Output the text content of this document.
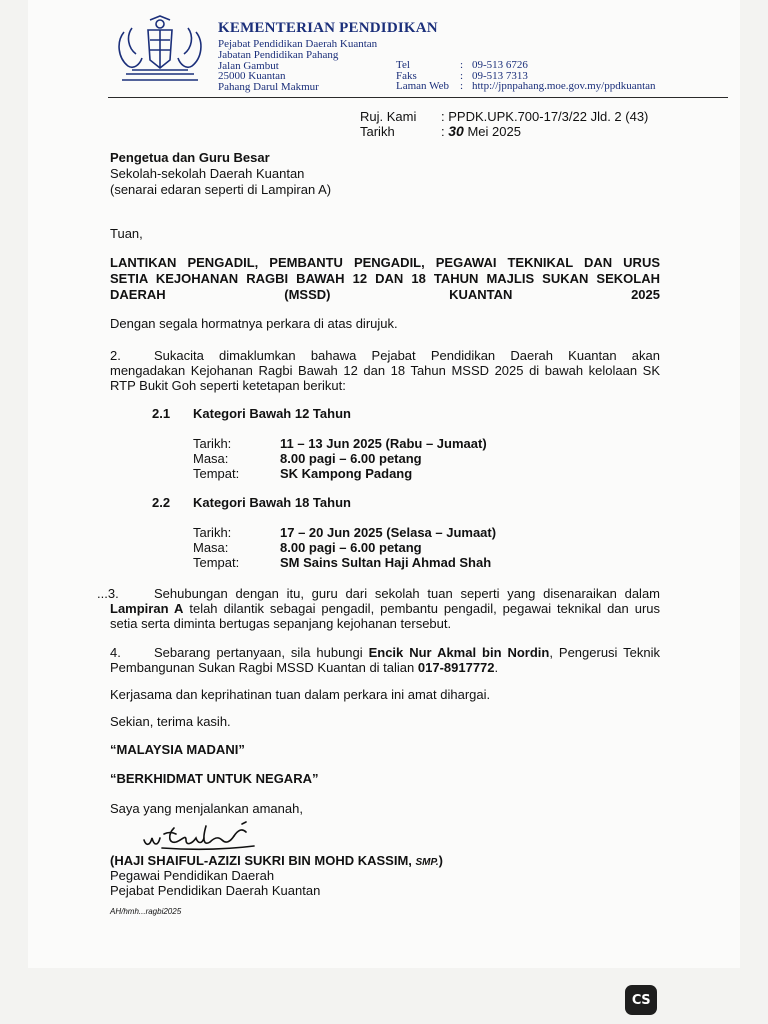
KEMENTERIAN PENDIDIKAN
Pejabat Pendidikan Daerah Kuantan
Jabatan Pendidikan Pahang
Jalan Gambut
25000 Kuantan
Pahang Darul Makmur
Tel	: 09-513 6726
Faks	: 09-513 7313
Laman Web : http://jpnpahang.moe.gov.my/ppdkuantan
Ruj. Kami : PPDK.UPK.700-17/3/22 Jld. 2 (43)
Tarikh	: 30 Mei 2025
Pengetua dan Guru Besar
Sekolah-sekolah Daerah Kuantan
(senarai edaran seperti di Lampiran A)
Tuan,
LANTIKAN PENGADIL, PEMBANTU PENGADIL, PEGAWAI TEKNIKAL DAN URUS
SETIA KEJOHANAN RAGBI BAWAH 12 DAN 18 TAHUN MAJLIS SUKAN SEKOLAH
DAERAH (MSSD) KUANTAN 2025
Dengan segala hormatnya perkara di atas dirujuk.
2.	Sukacita dimaklumkan bahawa Pejabat Pendidikan Daerah Kuantan akan
mengadakan Kejohanan Ragbi Bawah 12 dan 18 Tahun MSSD 2025 di bawah kelolaan SK
RTP Bukit Goh seperti ketetapan berikut:
2.1 Kategori Bawah 12 Tahun
Tarikh:	11 – 13 Jun 2025 (Rabu – Jumaat)
Masa:	8.00 pagi – 6.00 petang
Tempat:	SK Kampong Padang
2.2 Kategori Bawah 18 Tahun
Tarikh:	17 – 20 Jun 2025 (Selasa – Jumaat)
Masa:	8.00 pagi – 6.00 petang
Tempat:	SM Sains Sultan Haji Ahmad Shah
...3.	Sehubungan dengan itu, guru dari sekolah tuan seperti yang disenaraikan dalam
Lampiran A telah dilantik sebagai pengadil, pembantu pengadil, pegawai teknikal dan urus
setia serta diminta bertugas sepanjang kejohanan tersebut.
4.	Sebarang pertanyaan, sila hubungi Encik Nur Akmal bin Nordin, Pengerusi Teknik
Pembangunan Sukan Ragbi MSSD Kuantan di talian 017-8917772.
Kerjasama dan keprihatinan tuan dalam perkara ini amat dihargai.
Sekian, terima kasih.
“MALAYSIA MADANI”
“BERKHIDMAT UNTUK NEGARA”
Saya yang menjalankan amanah,
(HAJI SHAIFUL-AZIZI SUKRI BIN MOHD KASSIM, SMP.)
Pegawai Pendidikan Daerah
Pejabat Pendidikan Daerah Kuantan
AH/hmh...ragbi2025
CS
